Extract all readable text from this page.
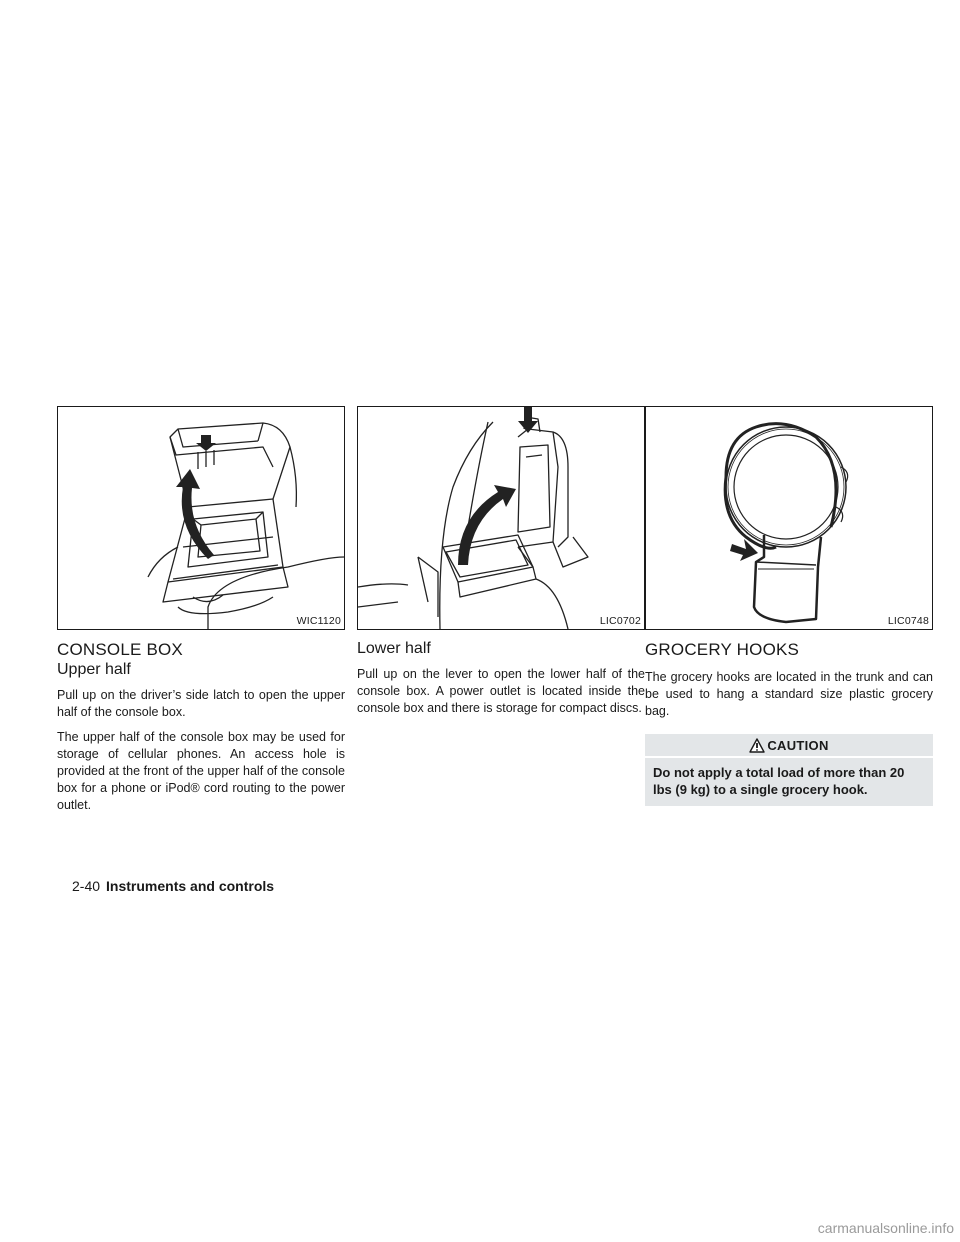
WIC1120
CONSOLE BOX
Upper half

Pull up on the driver’s side latch to open the upper half of the console box.

The upper half of the console box may be used for storage of cellular phones. An access hole is provided at the front of the upper half of the console box for a phone or iPod® cord routing to the power outlet.

LIC0702
Lower half

Pull up on the lever to open the lower half of the console box. A power outlet is located inside the console box and there is storage for compact discs.

LIC0748
GROCERY HOOKS

The grocery hooks are located in the trunk and can be used to hang a standard size plastic grocery bag.

CAUTION
Do not apply a total load of more than 20 lbs (9 kg) to a single grocery hook.
2-40 Instruments and controls
carmanualsonline.info
